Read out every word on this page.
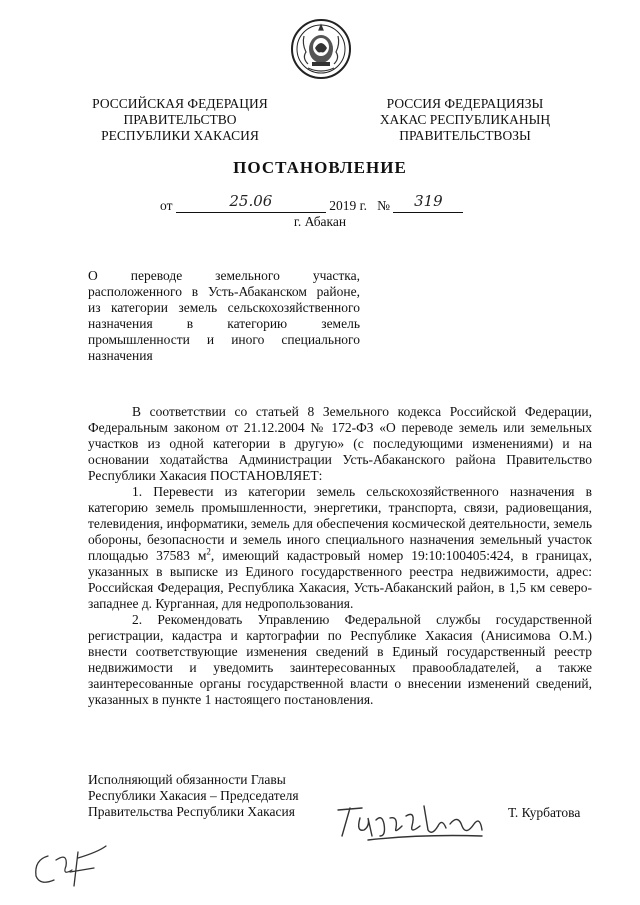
РОССИЙСКАЯ ФЕДЕРАЦИЯ
ПРАВИТЕЛЬСТВО
РЕСПУБЛИКИ ХАКАСИЯ
РОССИЯ ФЕДЕРАЦИЯЗЫ
ХАКАС РЕСПУБЛИКАНЫҢ
ПРАВИТЕЛЬСТВОЗЫ
ПОСТАНОВЛЕНИЕ
от	25.06	2019 г. № 319
г. Абакан

О переводе земельного участка,

расположенного в Усть-Абаканском районе,

из категории земель сельскохозяйственного

назначения в категорию земель

промышленности и иного специального

назначения

В соответствии со статьей 8 Земельного кодекса Российской Федерации, Федеральным законом от 21.12.2004 № 172-ФЗ «О переводе земель или земельных участков из одной категории в другую» (с последующими изменениями) и на основании ходатайства Администрации Усть-Абаканского района Правительство Республики Хакасия ПОСТАНОВЛЯЕТ:

1. Перевести из категории земель сельскохозяйственного назначения в категорию земель промышленности, энергетики, транспорта, связи, радиовещания, телевидения, информатики, земель для обеспечения космической деятельности, земель обороны, безопасности и земель иного специального назначения земельный участок площадью 37583 $м^2$, имеющий кадастровый номер 19:10:100405:424, в границах, указанных в выписке из Единого государственного реестра недвижимости, адрес: Российская Федерация, Республика Хакасия, Усть-Абаканский район, в 1,5 км северо-западнее д. Курганная, для недропользования.

2. Рекомендовать Управлению Федеральной службы государственной регистрации, кадастра и картографии по Республике Хакасия (Анисимова О.М.) внести соответствующие изменения сведений в Единый государственный реестр недвижимости и уведомить заинтересованных правообладателей, а также заинтересованные органы государственной власти о внесении изменений сведений, указанных в пункте 1 настоящего постановления.

Исполняющий обязанности Главы
Республики Хакасия – Председателя
Правительства Республики Хакасия	Т. Курбатова
